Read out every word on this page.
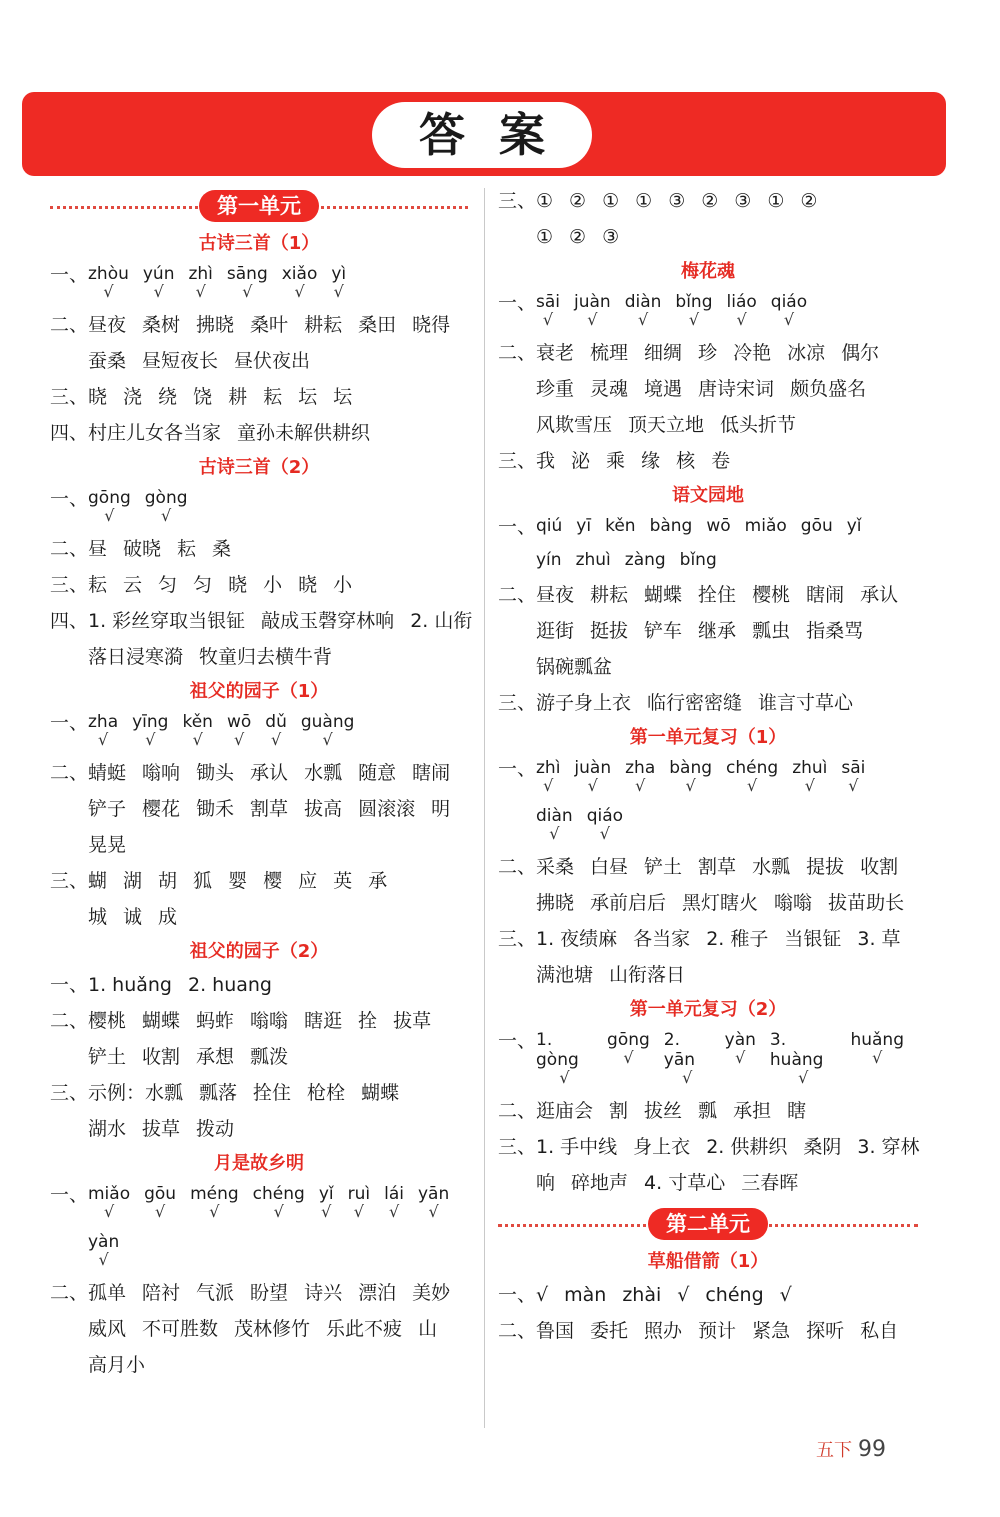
答案
第一单元
古诗三首（1）
一、 zhòu
√
yún
√
zhì
√
sāng
√
xiǎo
√
yì
√
二、昼夜 桑树 拂晓 桑叶 耕耘 桑田 晓得
蚕桑 昼短夜长 昼伏夜出
三、晓 浇 绕 饶 耕 耘 坛 坛
四、村庄儿女各当家 童孙未解供耕织
古诗三首（2）
一、 gōng
√
gòng
√
二、昼 破晓 耘 桑
三、耘 云 匀 匀 晓 小 晓 小
四、1. 彩丝穿取当银钲 敲成玉磬穿林响 2. 山衔
落日浸寒漪 牧童归去横牛背
祖父的园子（1）
一、 zha
√
yīng
√
kěn
√
wō
√
dǔ
√
guàng
√
二、蜻蜓 嗡响 锄头 承认 水瓢 随意 瞎闹
铲子 樱花 锄禾 割草 拔高 圆滚滚 明
晃晃
三、蝴 湖 胡 狐 婴 樱 应 英 承
城 诚 成
祖父的园子（2）
一、1. huǎng 2. huang
二、樱桃 蝴蝶 蚂蚱 嗡嗡 瞎逛 拴 拔草
铲土 收割 承想 瓢泼
三、示例：水瓢 瓢落 拴住 枪栓 蝴蝶
湖水 拔草 拨动
月是故乡明
一、 miǎo
√
gōu
√
méng
√
chéng
√
yǐ
√
ruì
√
lái
√
yān
√
yàn
√
二、孤单 陪衬 气派 盼望 诗兴 漂泊 美妙
威风 不可胜数 茂林修竹 乐此不疲 山
高月小
三、① ② ① ① ③ ② ③ ① ②
① ② ③
梅花魂
一、 sāi
√
juàn
√
diàn
√
bǐng
√
liáo
√
qiáo
√
二、衰老 梳理 细绸 珍 冷艳 冰凉 偶尔
珍重 灵魂 境遇 唐诗宋词 颇负盛名
风欺雪压 顶天立地 低头折节
三、我 泌 乘 缘 核 卷
语文园地
一、 qiú yī kěn bàng wō miǎo gōu yǐ
yín zhuì zàng bǐng
二、昼夜 耕耘 蝴蝶 拴住 樱桃 瞎闹 承认
逛街 挺拔 铲车 继承 瓢虫 指桑骂
锅碗瓢盆
三、游子身上衣 临行密密缝 谁言寸草心
第一单元复习（1）
一、 zhì
√
juàn
√
zha
√
bàng
√
chéng
√
zhuì
√
sāi
√
diàn
√
qiáo
√
二、采桑 白昼 铲土 割草 水瓢 提拔 收割
拂晓 承前启后 黑灯瞎火 嗡嗡 拔苗助长
三、1. 夜绩麻 各当家 2. 稚子 当银钲 3. 草
满池塘 山衔落日
第一单元复习（2）
一、 1. gòng
√
gōng
√
2. yān
√
yàn
√
3. huàng
√
huǎng
√
二、逛庙会 割 拔丝 瓢 承担 瞎
三、1. 手中线 身上衣 2. 供耕织 桑阴 3. 穿林
响 碎地声 4. 寸草心 三春晖
第二单元
草船借箭（1）
一、√ màn zhài √ chéng √
二、鲁国 委托 照办 预计 紧急 探听 私自
五下 99
